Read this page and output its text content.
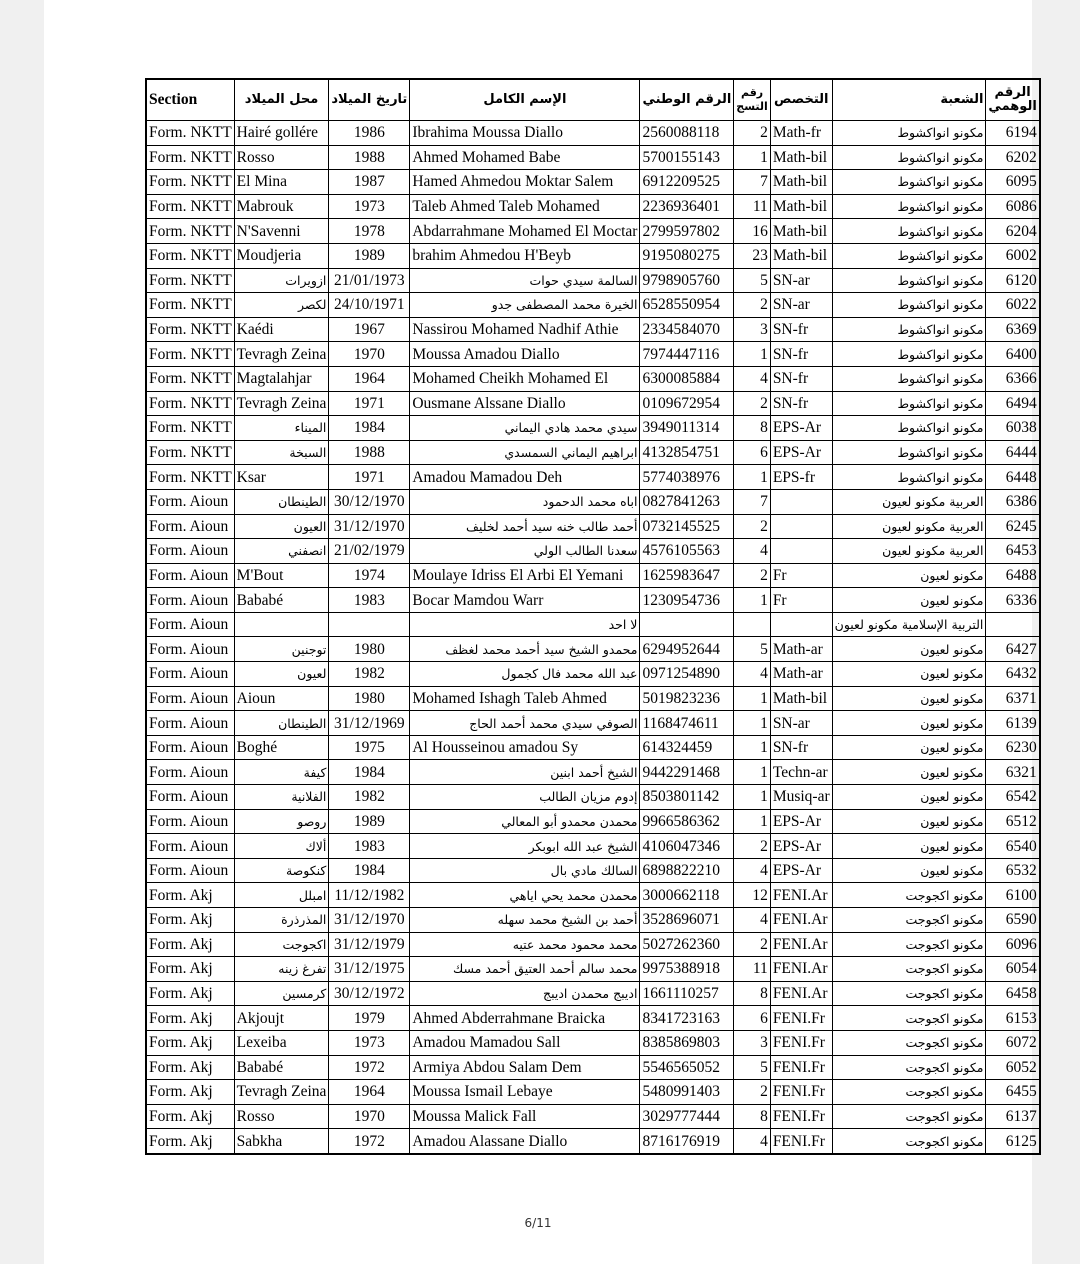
Section	محل الميلاد	تاريخ الميلاد	الإسم الكامل	الرقم الوطني	رقم التسج	التخصص	الشعبة	الرقم الوهمي
Form. NKTT	Hairé gollére	1986	Ibrahima Moussa Diallo	2560088118	2	Math-fr	مكونو انواكشوط	6194
Form. NKTT	Rosso	1988	Ahmed Mohamed Babe	5700155143	1	Math-bil	مكونو انواكشوط	6202
Form. NKTT	El Mina	1987	Hamed Ahmedou Moktar Salem	6912209525	7	Math-bil	مكونو انواكشوط	6095
Form. NKTT	Mabrouk	1973	Taleb Ahmed Taleb Mohamed	2236936401	11	Math-bil	مكونو انواكشوط	6086
Form. NKTT	N'Savenni	1978	Abdarrahmane Mohamed El Moctar	2799597802	16	Math-bil	مكونو انواكشوط	6204
Form. NKTT	Moudjeria	1989	brahim Ahmedou H'Beyb	9195080275	23	Math-bil	مكونو انواكشوط	6002
Form. NKTT	ازويرات	21/01/1973	السالمة سيدي حوات	9798905760	5	SN-ar	مكونو انواكشوط	6120
Form. NKTT	لكصر	24/10/1971	الخيرة محمد المصطفى جدو	6528550954	2	SN-ar	مكونو انواكشوط	6022
Form. NKTT	Kaédi	1967	Nassirou Mohamed Nadhif Athie	2334584070	3	SN-fr	مكونو انواكشوط	6369
Form. NKTT	Tevragh Zeina	1970	Moussa Amadou Diallo	7974447116	1	SN-fr	مكونو انواكشوط	6400
Form. NKTT	Magtalahjar	1964	Mohamed Cheikh Mohamed El	6300085884	4	SN-fr	مكونو انواكشوط	6366
Form. NKTT	Tevragh Zeina	1971	Ousmane Alssane Diallo	0109672954	2	SN-fr	مكونو انواكشوط	6494
Form. NKTT	الميناء	1984	سيدي محمد هادي اليماني	3949011314	8	EPS-Ar	مكونو انواكشوط	6038
Form. NKTT	السبخة	1988	ابراهيم اليماني السمسدي	4132854751	6	EPS-Ar	مكونو انواكشوط	6444
Form. NKTT	Ksar	1971	Amadou Mamadou Deh	5774038976	1	EPS-fr	مكونو انواكشوط	6448
Form. Aioun	الطينطان	30/12/1970	اباه محمد الدحمود	0827841263	7		العربية مكونو لعيون	6386
Form. Aioun	العيون	31/12/1970	أحمد طالب خنه سيد أحمد لخليف	0732145525	2		العربية مكونو لعيون	6245
Form. Aioun	انصفني	21/02/1979	سعدنا الطالب الولي	4576105563	4		العربية مكونو لعيون	6453
Form. Aioun	M'Bout	1974	Moulaye Idriss El Arbi El Yemani	1625983647	2	Fr	مكونو لعيون	6488
Form. Aioun	Bababé	1983	Bocar Mamdou Warr	1230954736	1	Fr	مكونو لعيون	6336
Form. Aioun			لا احد				التربية الإسلامية مكونو لعيون	
Form. Aioun	توجنين	1980	محمدو الشيخ سيد أحمد محمد لغظف	6294952644	5	Math-ar	مكونو لعيون	6427
Form. Aioun	لعيون	1982	عبد الله محمد فال كجمول	0971254890	4	Math-ar	مكونو لعيون	6432
Form. Aioun	Aioun	1980	Mohamed Ishagh Taleb Ahmed	5019823236	1	Math-bil	مكونو لعيون	6371
Form. Aioun	الطينطان	31/12/1969	الصوفي سيدي محمد أحمد الحاج	1168474611	1	SN-ar	مكونو لعيون	6139
Form. Aioun	Boghé	1975	Al Housseinou amadou Sy	614324459	1	SN-fr	مكونو لعيون	6230
Form. Aioun	كيفة	1984	الشيخ أحمد ابنين	9442291468	1	Techn-ar	مكونو لعيون	6321
Form. Aioun	الفلانية	1982	إدوم مزيان الطالب	8503801142	1	Musiq-ar	مكونو لعيون	6542
Form. Aioun	روصو	1989	محمدن محمدو أبو المعالي	9966586362	1	EPS-Ar	مكونو لعيون	6512
Form. Aioun	ألاك	1983	الشيخ عبد الله ابوبكر	4106047346	2	EPS-Ar	مكونو لعيون	6540
Form. Aioun	كنكوصة	1984	السالك مادي بال	6898822210	4	EPS-Ar	مكونو لعيون	6532
Form. Akj	امبلل	11/12/1982	محمدن محمد يحي اياهي	3000662118	12	FENI.Ar	مكونو اكجوجت	6100
Form. Akj	المذرذرة	31/12/1970	أحمد بن الشيخ محمد سهله	3528696071	4	FENI.Ar	مكونو اكجوجت	6590
Form. Akj	اكجوجت	31/12/1979	محمد محمود محمد عتيه	5027262360	2	FENI.Ar	مكونو اكجوجت	6096
Form. Akj	تفرغ زينه	31/12/1975	محمد سالم أحمد العتيق أحمد مسك	9975388918	11	FENI.Ar	مكونو اكجوجت	6054
Form. Akj	كرمسين	30/12/1972	اديبج محمدن اديبج	1661110257	8	FENI.Ar	مكونو اكجوجت	6458
Form. Akj	Akjoujt	1979	Ahmed Abderrahmane Braicka	8341723163	6	FENI.Fr	مكونو اكجوجت	6153
Form. Akj	Lexeiba	1973	Amadou Mamadou Sall	8385869803	3	FENI.Fr	مكونو اكجوجت	6072
Form. Akj	Bababé	1972	Armiya Abdou Salam Dem	5546565052	5	FENI.Fr	مكونو اكجوجت	6052
Form. Akj	Tevragh Zeina	1964	Moussa Ismail Lebaye	5480991403	2	FENI.Fr	مكونو اكجوجت	6455
Form. Akj	Rosso	1970	Moussa Malick Fall	3029777444	8	FENI.Fr	مكونو اكجوجت	6137
Form. Akj	Sabkha	1972	Amadou Alassane Diallo	8716176919	4	FENI.Fr	مكونو اكجوجت	6125
6/11
